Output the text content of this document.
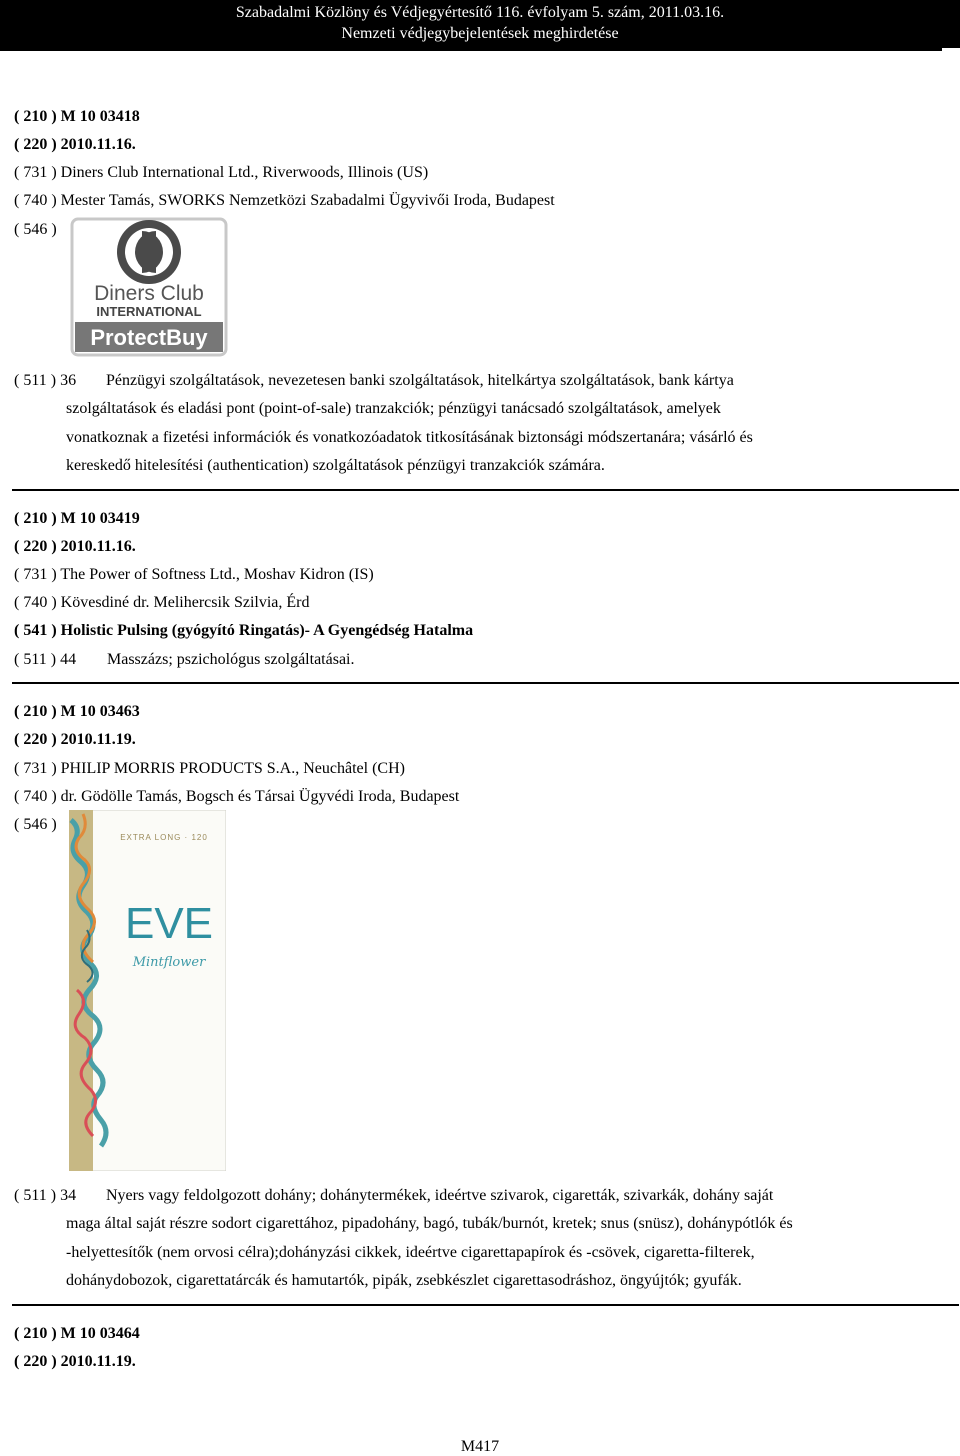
Szabadalmi Közlöny és Védjegyértesítő 116. évfolyam 5. szám, 2011.03.16.
Nemzeti védjegybejelentések meghirdetése
( 210 ) M 10 03418
( 220 ) 2010.11.16.
( 731 ) Diners Club International Ltd., Riverwoods, Illinois (US)
( 740 ) Mester Tamás, SWORKS Nemzetközi Szabadalmi Ügyvivői Iroda, Budapest
( 546 )
Diners Club
INTERNATIONAL
ProtectBuy
( 511 ) 36	Pénzügyi szolgáltatások, nevezetesen banki szolgáltatások, hitelkártya szolgáltatások, bank kártya
szolgáltatások és eladási pont (point-of-sale) tranzakciók; pénzügyi tanácsadó szolgáltatások, amelyek
vonatkoznak a fizetési információk és vonatkozóadatok titkosításának biztonsági módszertanára; vásárló és
kereskedő hitelesítési (authentication) szolgáltatások pénzügyi tranzakciók számára.
( 210 ) M 10 03419
( 220 ) 2010.11.16.
( 731 ) The Power of Softness Ltd., Moshav Kidron (IS)
( 740 ) Kövesdiné dr. Melihercsik Szilvia, Érd
( 541 ) Holistic Pulsing (gyógyító Ringatás)- A Gyengédség Hatalma
( 511 ) 44 Masszázs; pszichológus szolgáltatásai.
( 210 ) M 10 03463
( 220 ) 2010.11.19.
( 731 ) PHILIP MORRIS PRODUCTS S.A., Neuchâtel (CH)
( 740 ) dr. Gödölle Tamás, Bogsch és Társai Ügyvédi Iroda, Budapest
( 546 )
EXTRA LONG · 120
EVE
Mintflower
( 511 ) 34	Nyers vagy feldolgozott dohány; dohánytermékek, ideértve szivarok, cigaretták, szivarkák, dohány saját
maga által saját részre sodort cigarettához, pipadohány, bagó, tubák/burnót, kretek; snus (snüsz), dohánypótlók és
-helyettesítők (nem orvosi célra);dohányzási cikkek, ideértve cigarettapapírok és -csövek, cigaretta-filterek,
dohánydobozok, cigarettatárcák és hamutartók, pipák, zsebkészlet cigarettasodráshoz, öngyújtók; gyufák.
( 210 ) M 10 03464
( 220 ) 2010.11.19.
M417
